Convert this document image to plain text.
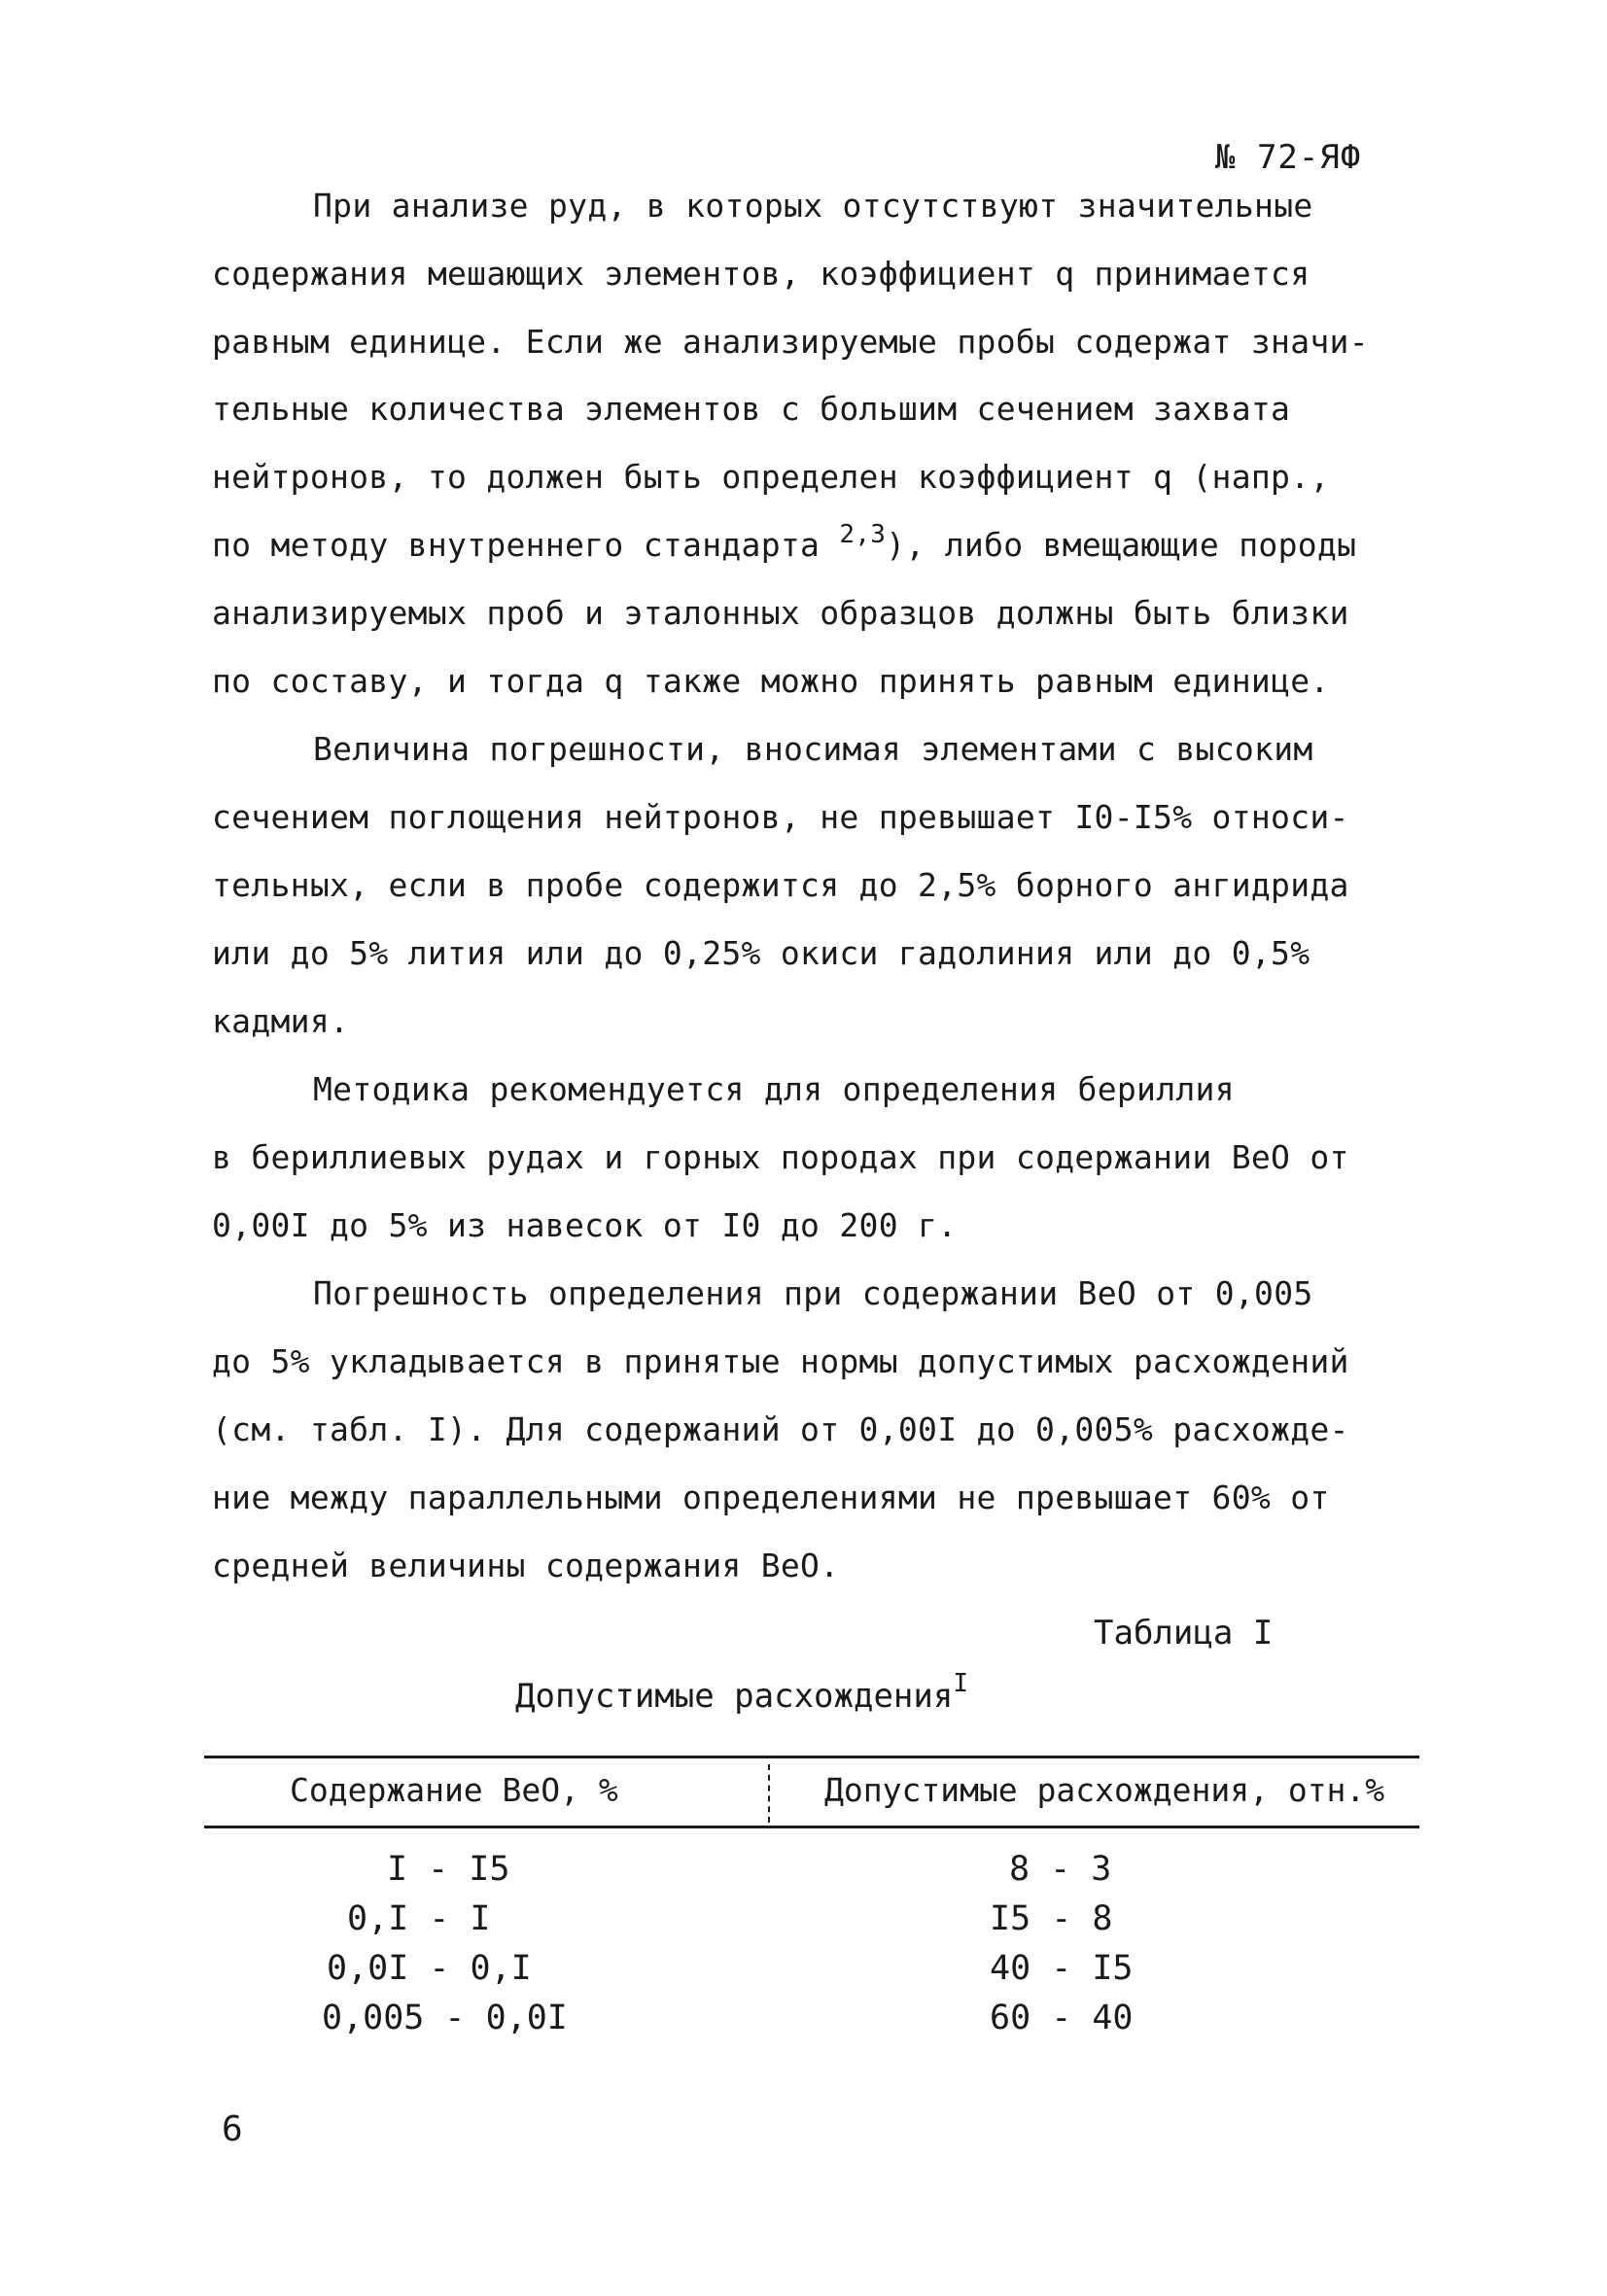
№ 72-ЯФ
При анализе руд, в которых отсутствуют значительные
содержания мешающих элементов, коэффициент q принимается
равным единице. Если же анализируемые пробы содержат значи-
тельные количества элементов с большим сечением захвата
нейтронов, то должен быть определен коэффициент q (напр.,
по методу внутреннего стандарта $^{2,3}$), либо вмещающие породы
анализируемых проб и эталонных образцов должны быть близки
по составу, и тогда q также можно принять равным единице.
Величина погрешности, вносимая элементами с высоким
сечением поглощения нейтронов, не превышает I0-I5% относи-
тельных, если в пробе содержится до 2,5% борного ангидрида
или до 5% лития или до 0,25% окиси гадолиния или до 0,5%
кадмия.
Методика рекомендуется для определения бериллия
в бериллиевых рудах и горных породах при содержании BeO от
0,00I до 5% из навесок от I0 до 200 г.
Погрешность определения при содержании BeO от 0,005
до 5% укладывается в принятые нормы допустимых расхождений
(см. табл. I). Для содержаний от 0,00I до 0,005% расхожде-
ние между параллельными определениями не превышает 60% от
средней величины содержания BeO.
Таблица I
Допустимые расхождения$^I$
Содержание BeO, %	Допустимые расхождения, отн.%
I - I5	8 - 3
0,I - I	I5 - 8
0,0I - 0,I	40 - I5
0,005 - 0,0I	60 - 40
6
